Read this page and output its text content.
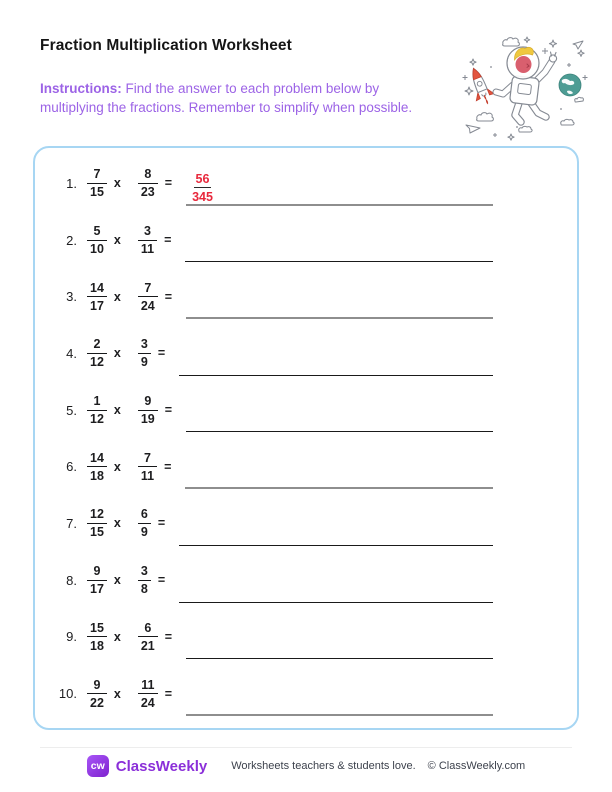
Fraction Multiplication Worksheet
Instructions: Find the answer to each problem below by multiplying the fractions. Remember to simplify when possible.
1. $\frac{7}{15}$ x $\frac{8}{23} = \frac{56}{345}$
2. $\frac{5}{10}$ x $\frac{3}{11}$ =
3. $\frac{14}{17}$ x $\frac{7}{24}$ =
4. $\frac{2}{12}$ x $\frac{3}{9}$ =
5. $\frac{1}{12}$ x $\frac{9}{19}$ =
6. $\frac{14}{18}$ x $\frac{7}{11}$ =
7. $\frac{12}{15}$ x $\frac{6}{9}$ =
8. $\frac{9}{17}$ x $\frac{3}{8}$ =
9. $\frac{15}{18}$ x $\frac{6}{21}$ =
10. $\frac{9}{22}$ x $\frac{11}{24}$ =
cw ClassWeekly Worksheets teachers & students love. © ClassWeekly.com
